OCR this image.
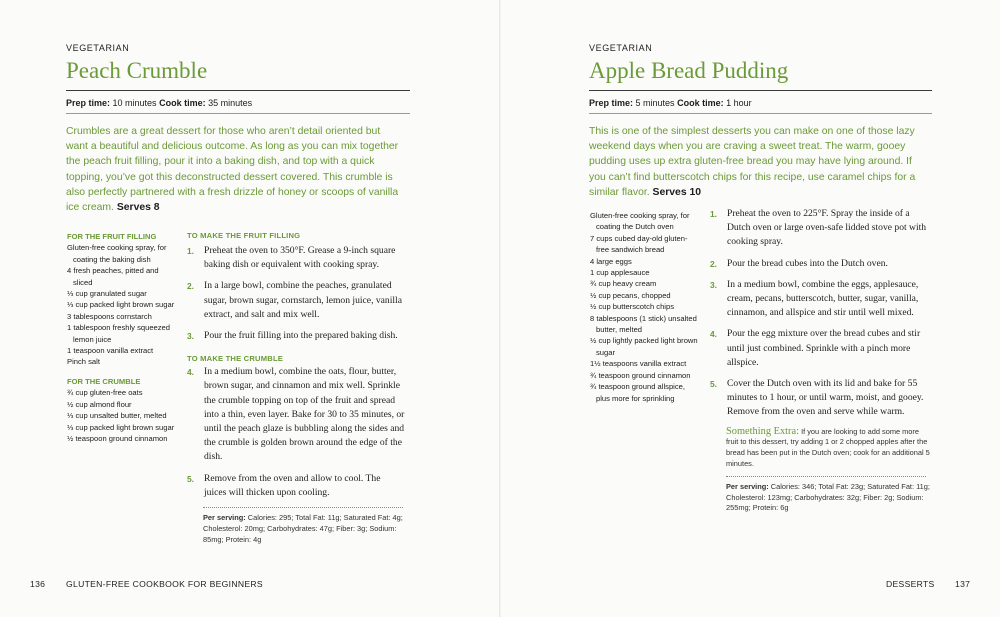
VEGETARIAN
Peach Crumble
Prep time: 10 minutes Cook time: 35 minutes
Crumbles are a great dessert for those who aren’t detail oriented but want a beautiful and delicious outcome. As long as you can mix together the peach fruit filling, pour it into a baking dish, and top with a quick topping, you’ve got this deconstructed dessert covered. This crumble is also perfectly partnered with a fresh drizzle of honey or scoops of vanilla ice cream. Serves 8
FOR THE FRUIT FILLING
Gluten-free cooking spray, for coating the baking dish
4 fresh peaches, pitted and sliced
⅓ cup granulated sugar
⅓ cup packed light brown sugar
3 tablespoons cornstarch
1 tablespoon freshly squeezed lemon juice
1 teaspoon vanilla extract
Pinch salt
FOR THE CRUMBLE
¾ cup gluten-free oats
½ cup almond flour
⅓ cup unsalted butter, melted
⅓ cup packed light brown sugar
½ teaspoon ground cinnamon
TO MAKE THE FRUIT FILLING
1. Preheat the oven to 350°F. Grease a 9-inch square baking dish or equivalent with cooking spray.
2. In a large bowl, combine the peaches, granulated sugar, brown sugar, cornstarch, lemon juice, vanilla extract, and salt and mix well.
3. Pour the fruit filling into the prepared baking dish.
TO MAKE THE CRUMBLE
4. In a medium bowl, combine the oats, flour, butter, brown sugar, and cinnamon and mix well. Sprinkle the crumble topping on top of the fruit and spread into a thin, even layer. Bake for 30 to 35 minutes, or until the peach glaze is bubbling along the sides and the crumble is golden brown around the edge of the dish.
5. Remove from the oven and allow to cool. The juices will thicken upon cooling.
Per serving: Calories: 295; Total Fat: 11g; Saturated Fat: 4g; Cholesterol: 20mg; Carbohydrates: 47g; Fiber: 3g; Sodium: 85mg; Protein: 4g
VEGETARIAN
Apple Bread Pudding
Prep time: 5 minutes Cook time: 1 hour
This is one of the simplest desserts you can make on one of those lazy weekend days when you are craving a sweet treat. The warm, gooey pudding uses up extra gluten-free bread you may have lying around. If you can’t find butterscotch chips for this recipe, use caramel chips for a similar flavor. Serves 10
Gluten-free cooking spray, for coating the Dutch oven
7 cups cubed day-old gluten-free sandwich bread
4 large eggs
1 cup applesauce
¾ cup heavy cream
½ cup pecans, chopped
½ cup butterscotch chips
8 tablespoons (1 stick) unsalted butter, melted
½ cup lightly packed light brown sugar
1½ teaspoons vanilla extract
¾ teaspoon ground cinnamon
¾ teaspoon ground allspice, plus more for sprinkling
1. Preheat the oven to 225°F. Spray the inside of a Dutch oven or large oven-safe lidded stove pot with cooking spray.
2. Pour the bread cubes into the Dutch oven.
3. In a medium bowl, combine the eggs, applesauce, cream, pecans, butterscotch, butter, sugar, vanilla, cinnamon, and allspice and stir until well mixed.
4. Pour the egg mixture over the bread cubes and stir until just combined. Sprinkle with a pinch more allspice.
5. Cover the Dutch oven with its lid and bake for 55 minutes to 1 hour, or until warm, moist, and gooey. Remove from the oven and serve while warm.
Something Extra: If you are looking to add some more fruit to this dessert, try adding 1 or 2 chopped apples after the bread has been put in the Dutch oven; cook for an additional 5 minutes.
Per serving: Calories: 346; Total Fat: 23g; Saturated Fat: 11g; Cholesterol: 123mg; Carbohydrates: 32g; Fiber: 2g; Sodium: 255mg; Protein: 6g
136 GLUTEN-FREE COOKBOOK FOR BEGINNERS	DESSERTS 137
